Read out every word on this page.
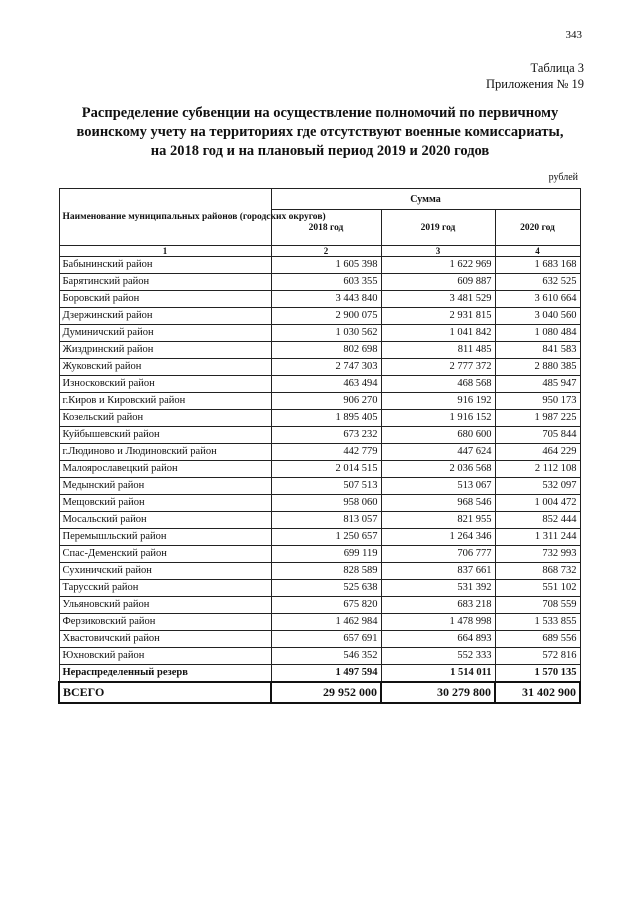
343
Таблица 3
Приложения № 19
Распределение субвенции на осуществление полномочий по первичному
воинскому учету на территориях где отсутствуют военные комиссариаты,
на 2018 год и на плановый период 2019 и 2020 годов
рублей
Наименование муниципальных районов (городских округов)	Сумма		
	2018 год	2019 год	2020 год
1	2	3	4
Бабынинский район	1 605 398	1 622 969	1 683 168
Барятинский район	603 355	609 887	632 525
Боровский район	3 443 840	3 481 529	3 610 664
Дзержинский район	2 900 075	2 931 815	3 040 560
Думиничский район	1 030 562	1 041 842	1 080 484
Жиздринский район	802 698	811 485	841 583
Жуковский район	2 747 303	2 777 372	2 880 385
Износковский район	463 494	468 568	485 947
г.Киров и Кировский район	906 270	916 192	950 173
Козельский район	1 895 405	1 916 152	1 987 225
Куйбышевский район	673 232	680 600	705 844
г.Людиново и Людиновский район	442 779	447 624	464 229
Малоярославецкий район	2 014 515	2 036 568	2 112 108
Медынский район	507 513	513 067	532 097
Мещовский район	958 060	968 546	1 004 472
Мосальский район	813 057	821 955	852 444
Перемышльский район	1 250 657	1 264 346	1 311 244
Спас-Деменский район	699 119	706 777	732 993
Сухиничский район	828 589	837 661	868 732
Тарусский район	525 638	531 392	551 102
Ульяновский район	675 820	683 218	708 559
Ферзиковский район	1 462 984	1 478 998	1 533 855
Хвастовичский район	657 691	664 893	689 556
Юхновский район	546 352	552 333	572 816
Нераспределенный резерв	1 497 594	1 514 011	1 570 135
ВСЕГО	29 952 000	30 279 800	31 402 900
